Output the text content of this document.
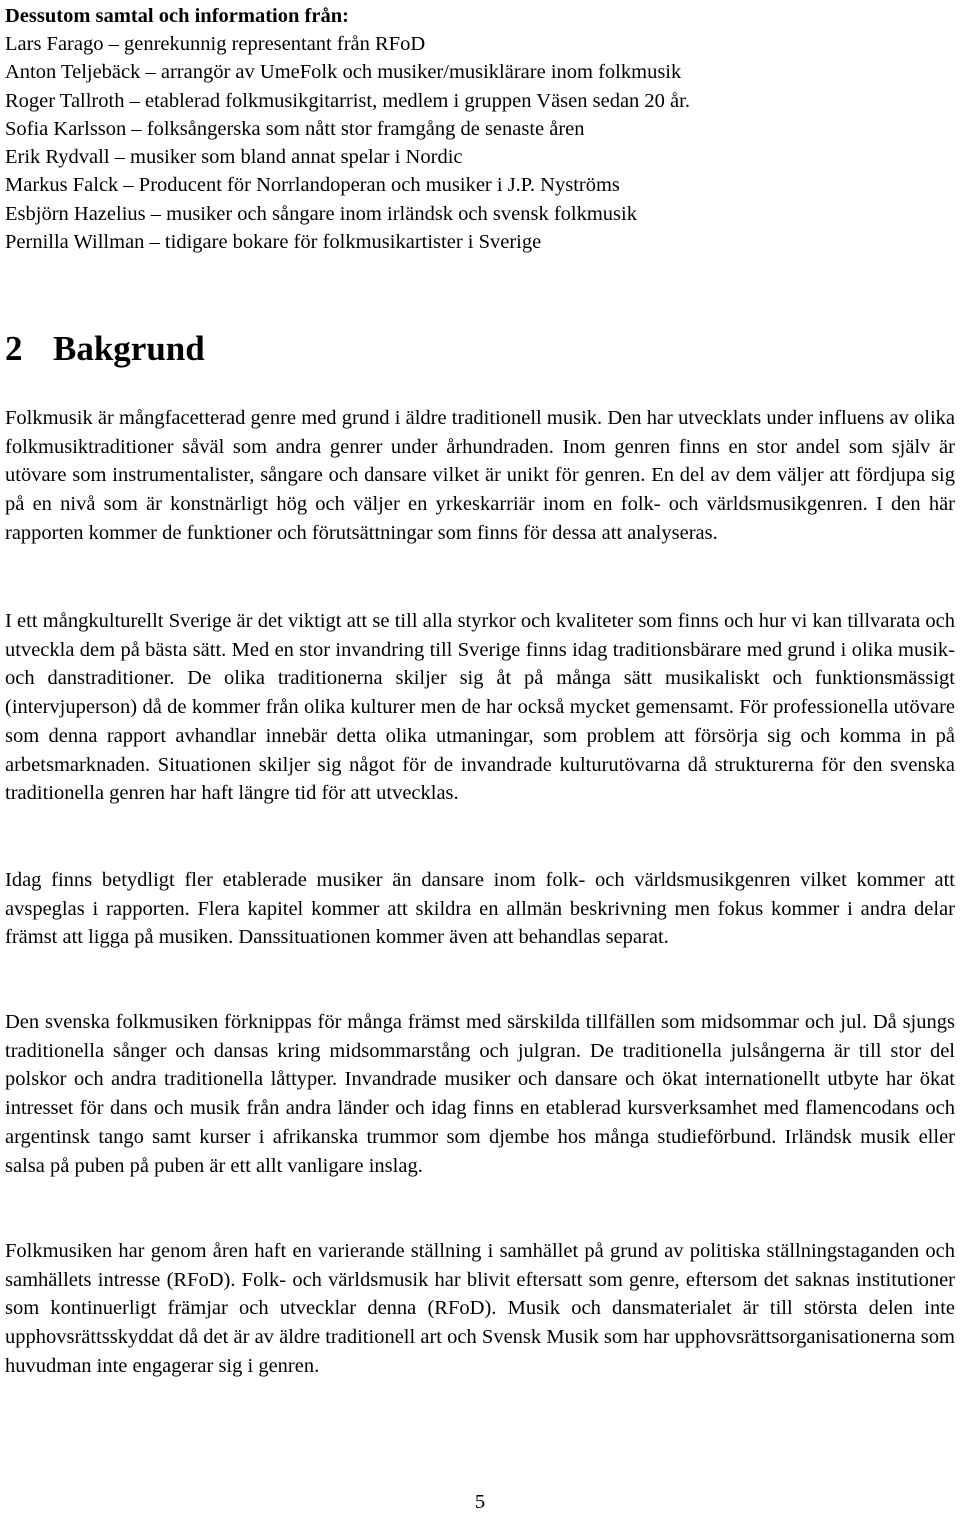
Dessutom samtal och information från:
Lars Farago – genrekunnig representant från RFoD
Anton Teljebäck – arrangör av UmeFolk och musiker/musiklärare inom folkmusik
Roger Tallroth – etablerad folkmusikgitarrist, medlem i gruppen Väsen sedan 20 år.
Sofia Karlsson – folksångerska som nått stor framgång de senaste åren
Erik Rydvall – musiker som bland annat spelar i Nordic
Markus Falck – Producent för Norrlandoperan och musiker i J.P. Nyströms
Esbjörn Hazelius – musiker och sångare inom irländsk och svensk folkmusik
Pernilla Willman – tidigare bokare för folkmusikartister i Sverige
2 Bakgrund

Folkmusik är mångfacetterad genre med grund i äldre traditionell musik. Den har utvecklats under influens av olika folkmusiktraditioner såväl som andra genrer under århundraden. Inom genren finns en stor andel som själv är utövare som instrumentalister, sångare och dansare vilket är unikt för genren. En del av dem väljer att fördjupa sig på en nivå som är konstnärligt hög och väljer en yrkeskarriär inom en folk- och världsmusikgenren. I den här rapporten kommer de funktioner och förutsättningar som finns för dessa att analyseras.

I ett mångkulturellt Sverige är det viktigt att se till alla styrkor och kvaliteter som finns och hur vi kan tillvarata och utveckla dem på bästa sätt. Med en stor invandring till Sverige finns idag traditionsbärare med grund i olika musik- och danstraditioner. De olika traditionerna skiljer sig åt på många sätt musikaliskt och funktionsmässigt (intervjuperson) då de kommer från olika kulturer men de har också mycket gemensamt. För professionella utövare som denna rapport avhandlar innebär detta olika utmaningar, som problem att försörja sig och komma in på arbetsmarknaden. Situationen skiljer sig något för de invandrade kulturutövarna då strukturerna för den svenska traditionella genren har haft längre tid för att utvecklas.

Idag finns betydligt fler etablerade musiker än dansare inom folk- och världsmusikgenren vilket kommer att avspeglas i rapporten. Flera kapitel kommer att skildra en allmän beskrivning men fokus kommer i andra delar främst att ligga på musiken. Danssituationen kommer även att behandlas separat.

Den svenska folkmusiken förknippas för många främst med särskilda tillfällen som midsommar och jul. Då sjungs traditionella sånger och dansas kring midsommarstång och julgran. De traditionella julsångerna är till stor del polskor och andra traditionella låttyper. Invandrade musiker och dansare och ökat internationellt utbyte har ökat intresset för dans och musik från andra länder och idag finns en etablerad kursverksamhet med flamencodans och argentinsk tango samt kurser i afrikanska trummor som djembe hos många studieförbund. Irländsk musik eller salsa på puben på puben är ett allt vanligare inslag.

Folkmusiken har genom åren haft en varierande ställning i samhället på grund av politiska ställningstaganden och samhällets intresse (RFoD). Folk- och världsmusik har blivit eftersatt som genre, eftersom det saknas institutioner som kontinuerligt främjar och utvecklar denna (RFoD). Musik och dansmaterialet är till största delen inte upphovsrättsskyddat då det är av äldre traditionell art och Svensk Musik som har upphovsrättsorganisationerna som huvudman inte engagerar sig i genren.

5
